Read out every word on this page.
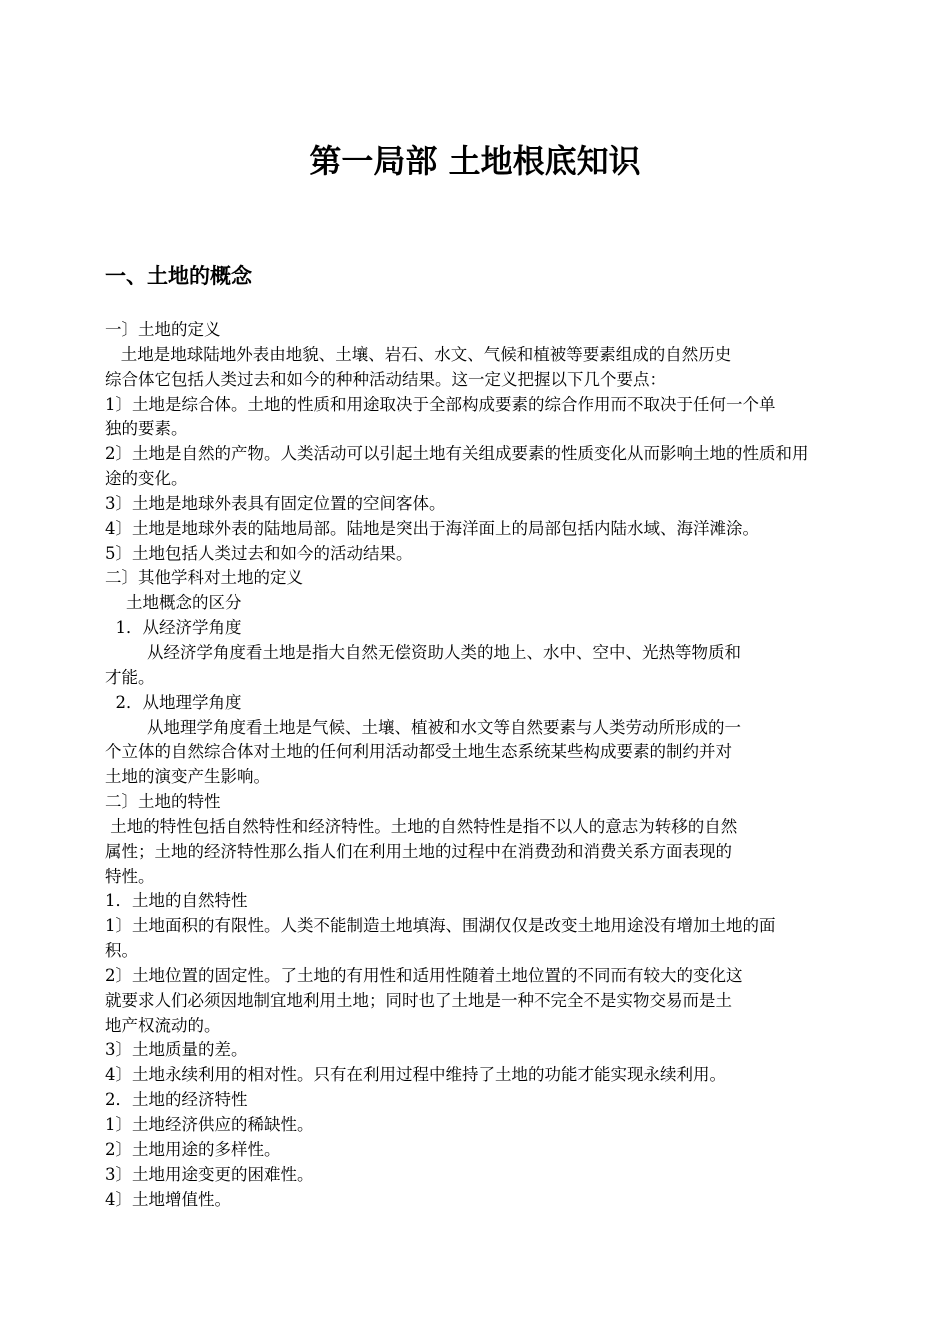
第一局部 土地根底知识
一、土地的概念
一〕土地的定义
土地是地球陆地外表由地貌、土壤、岩石、水文、气候和植被等要素组成的自然历史
综合体它包括人类过去和如今的种种活动结果。这一定义把握以下几个要点：
1〕土地是综合体。土地的性质和用途取决于全部构成要素的综合作用而不取决于任何一个单
独的要素。
2〕土地是自然的产物。人类活动可以引起土地有关组成要素的性质变化从而影响土地的性质和用
途的变化。
3〕土地是地球外表具有固定位置的空间客体。
4〕土地是地球外表的陆地局部。陆地是突出于海洋面上的局部包括内陆水域、海洋滩涂。
5〕土地包括人类过去和如今的活动结果。
二〕其他学科对土地的定义
土地概念的区分
1．从经济学角度
从经济学角度看土地是指大自然无偿资助人类的地上、水中、空中、光热等物质和
才能。
2．从地理学角度
从地理学角度看土地是气候、土壤、植被和水文等自然要素与人类劳动所形成的一
个立体的自然综合体对土地的任何利用活动都受土地生态系统某些构成要素的制约并对
土地的演变产生影响。
二〕土地的特性
土地的特性包括自然特性和经济特性。土地的自然特性是指不以人的意志为转移的自然
属性；土地的经济特性那么指人们在利用土地的过程中在消费劲和消费关系方面表现的
特性。
1．土地的自然特性
1〕土地面积的有限性。人类不能制造土地填海、围湖仅仅是改变土地用途没有增加土地的面
积。
2〕土地位置的固定性。了土地的有用性和适用性随着土地位置的不同而有较大的变化这
就要求人们必须因地制宜地利用土地；同时也了土地是一种不完全不是实物交易而是土
地产权流动的。
3〕土地质量的差。
4〕土地永续利用的相对性。只有在利用过程中维持了土地的功能才能实现永续利用。
2．土地的经济特性
1〕土地经济供应的稀缺性。
2〕土地用途的多样性。
3〕土地用途变更的困难性。
4〕土地增值性。
